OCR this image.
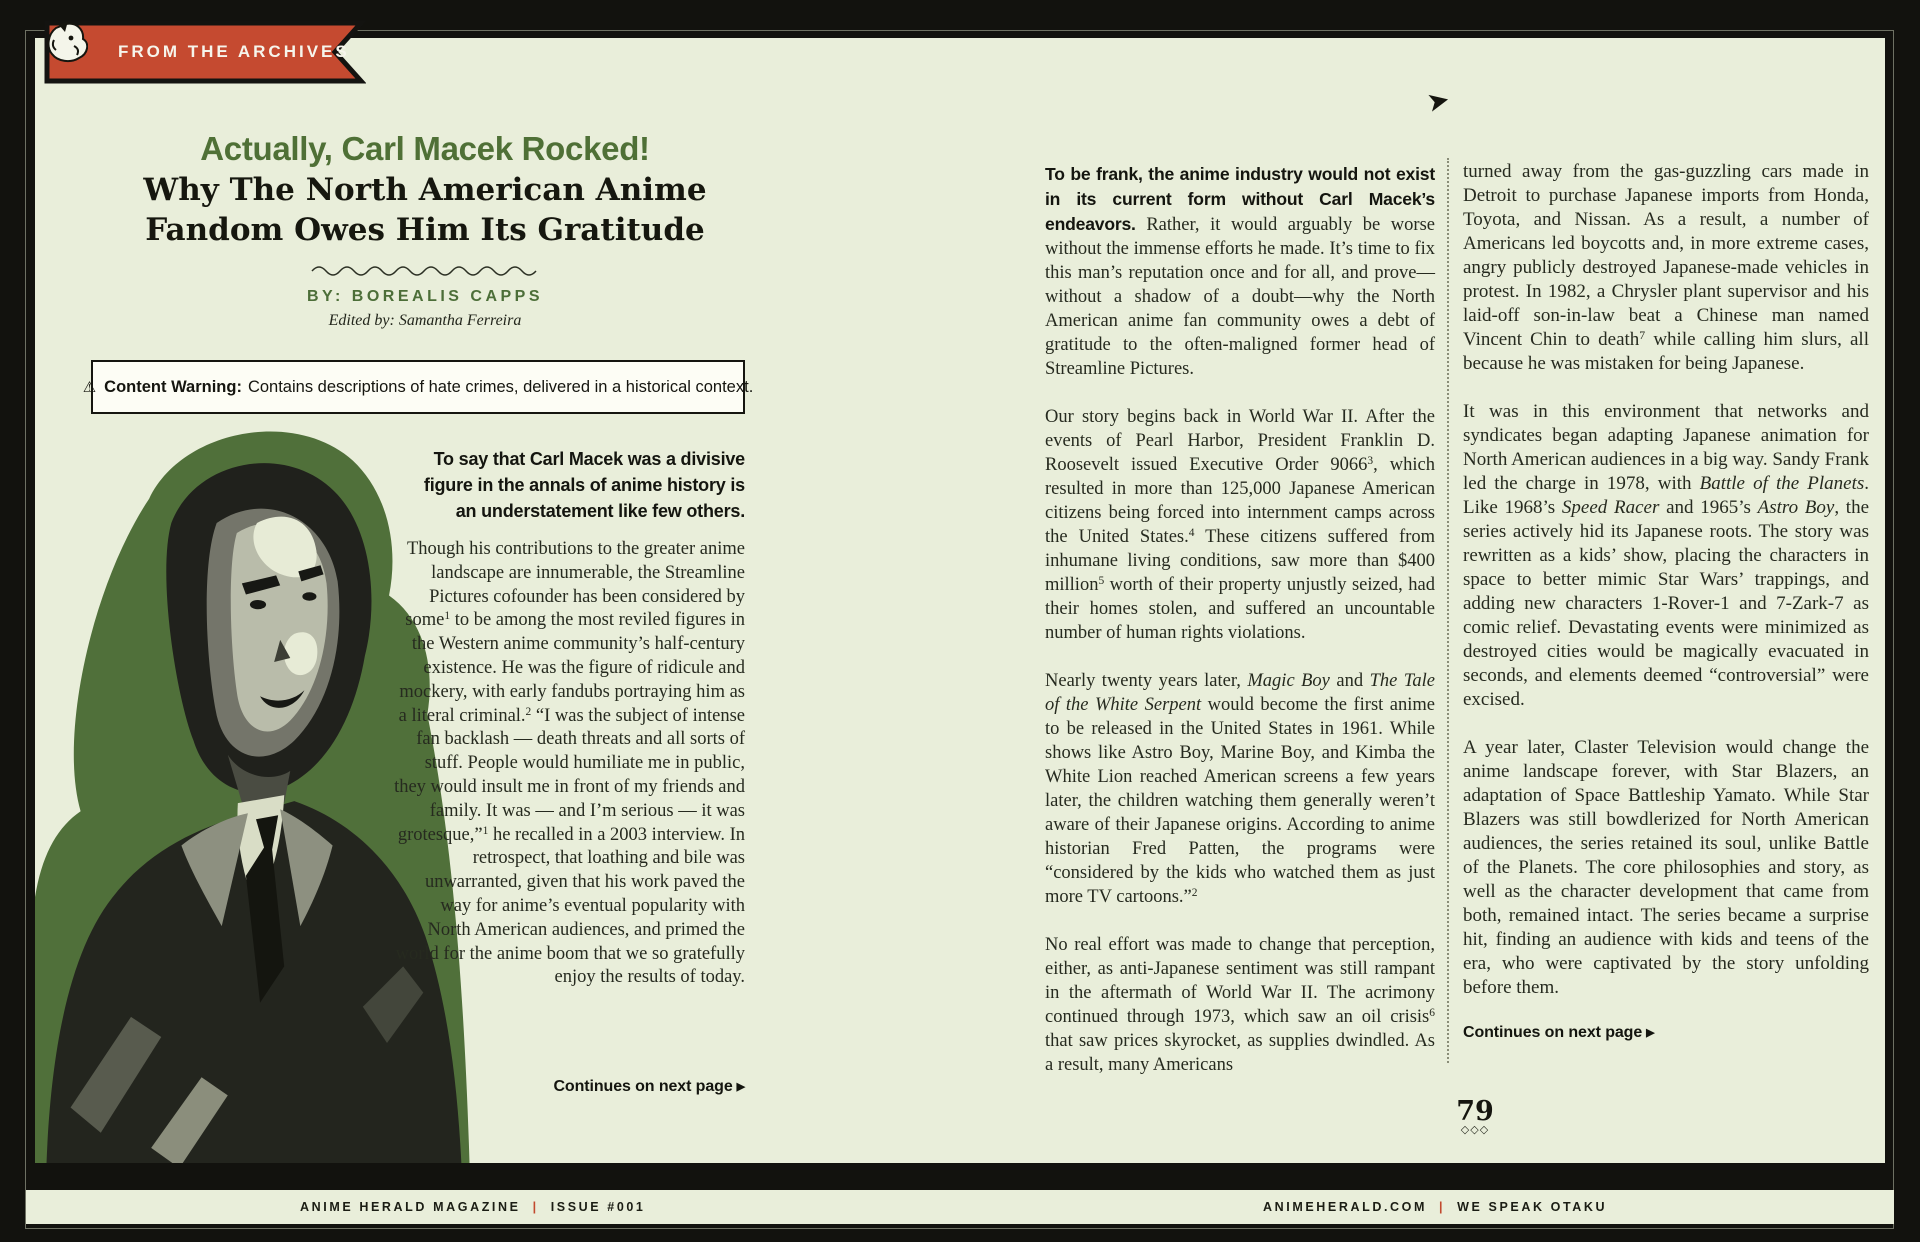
Actually, Carl Macek Rocked!
Why The North American Anime
Fandom Owes Him Its Gratitude
BY: BOREALIS CAPPS
Edited by: Samantha Ferreira
⚠ Content Warning: Contains descriptions of hate crimes, delivered in a historical context.
To say that Carl Macek was a divisive figure in the annals of anime history is an understatement like few others.
Though his contributions to the greater anime landscape are innumerable, the Streamline Pictures cofounder has been considered by some$^1$ to be among the most reviled figures in the Western anime community’s half-century existence. He was the figure of ridicule and mockery, with early fandubs portraying him as a literal criminal.$^2$ “I was the subject of intense fan backlash — death threats and all sorts of stuff. People would humiliate me in public, they would insult me in front of my friends and family. It was — and I’m serious — it was grotesque,”$^1$ he recalled in a 2003 interview. In retrospect, that loathing and bile was unwarranted, given that his work paved the way for anime’s eventual popularity with North American audiences, and primed the world for the anime boom that we so gratefully enjoy the results of today.
Continues on next page ▶
➤

To be frank, the anime industry would not exist in its current form without Carl Macek’s endeavors. Rather, it would arguably be worse without the immense efforts he made. It’s time to fix this man’s reputation once and for all, and prove—without a shadow of a doubt—why the North American anime fan community owes a debt of gratitude to the often-maligned former head of Streamline Pictures.

Our story begins back in World War II. After the events of Pearl Harbor, President Franklin D. Roosevelt issued Executive Order 9066$^3$, which resulted in more than 125,000 Japanese American citizens being forced into internment camps across the United States.$^4$ These citizens suffered from inhumane living conditions, saw more than $400 million$^5$ worth of their property unjustly seized, had their homes stolen, and suffered an uncountable number of human rights violations.

Nearly twenty years later, Magic Boy and The Tale of the White Serpent would become the first anime to be released in the United States in 1961. While shows like Astro Boy, Marine Boy, and Kimba the White Lion reached American screens a few years later, the children watching them generally weren’t aware of their Japanese origins. According to anime historian Fred Patten, the programs were “considered by the kids who watched them as just more TV cartoons.”$^2$

No real effort was made to change that perception, either, as anti-Japanese sentiment was still rampant in the aftermath of World War II. The acrimony continued through 1973, which saw an oil crisis$^6$ that saw prices skyrocket, as supplies dwindled. As a result, many Americans

turned away from the gas-guzzling cars made in Detroit to purchase Japanese imports from Honda, Toyota, and Nissan. As a result, a number of Americans led boycotts and, in more extreme cases, angry publicly destroyed Japanese-made vehicles in protest. In 1982, a Chrysler plant supervisor and his laid-off son-in-law beat a Chinese man named Vincent Chin to death$^7$ while calling him slurs, all because he was mistaken for being Japanese.

It was in this environment that networks and syndicates began adapting Japanese animation for North American audiences in a big way. Sandy Frank led the charge in 1978, with Battle of the Planets. Like 1968’s Speed Racer and 1965’s Astro Boy, the series actively hid its Japanese roots. The story was rewritten as a kids’ show, placing the characters in space to better mimic Star Wars’ trappings, and adding new characters 1-Rover-1 and 7-Zark-7 as comic relief. Devastating events were minimized as destroyed cities would be magically evacuated in seconds, and elements deemed “controversial” were excised.

A year later, Claster Television would change the anime landscape forever, with Star Blazers, an adaptation of Space Battleship Yamato. While Star Blazers was still bowdlerized for North American audiences, the series retained its soul, unlike Battle of the Planets. The core philosophies and story, as well as the character development that came from both, remained intact. The series became a surprise hit, finding an audience with kids and teens of the era, who were captivated by the story unfolding before them.

Continues on next page ▶
79
◇◇◇
FROM THE ARCHIVES
ANIME HERALD MAGAZINE | ISSUE #001	ANIMEHERALD.COM | WE SPEAK OTAKU
